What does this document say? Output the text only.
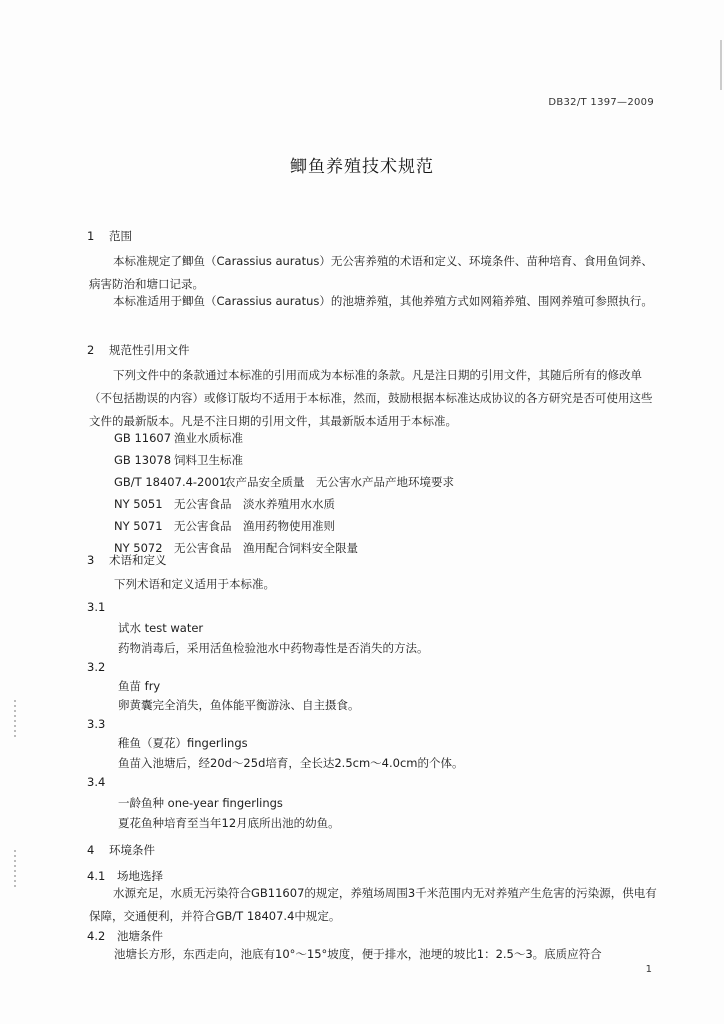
DB32/T 1397—2009
鲫鱼养殖技术规范
1 范围
本标准规定了鲫鱼（Carassius auratus）无公害养殖的术语和定义、环境条件、苗种培育、食用鱼饲养、病害防治和塘口记录。
本标准适用于鲫鱼（Carassius auratus）的池塘养殖，其他养殖方式如网箱养殖、围网养殖可参照执行。
2 规范性引用文件
下列文件中的条款通过本标准的引用而成为本标准的条款。凡是注日期的引用文件，其随后所有的修改单（不包括勘误的内容）或修订版均不适用于本标准，然而，鼓励根据本标准达成协议的各方研究是否可使用这些文件的最新版本。凡是不注日期的引用文件，其最新版本适用于本标准。
GB 11607 渔业水质标准
GB 13078 饲料卫生标准
GB/T 18407.4-2001农产品安全质量　无公害水产品产地环境要求
NY 5051 无公害食品　淡水养殖用水水质
NY 5071 无公害食品　渔用药物使用准则
NY 5072 无公害食品　渔用配合饲料安全限量
3 术语和定义
下列术语和定义适用于本标准。
3.1
试水 test water
药物消毒后，采用活鱼检验池水中药物毒性是否消失的方法。
3.2
鱼苗 fry
卵黄囊完全消失，鱼体能平衡游泳、自主摄食。
3.3
稚鱼（夏花）fingerlings
鱼苗入池塘后，经20d～25d培育，全长达2.5cm～4.0cm的个体。
3.4
一龄鱼种 one-year fingerlings
夏花鱼种培育至当年12月底所出池的幼鱼。
4 环境条件
4.1 场地选择
水源充足，水质无污染符合GB11607的规定，养殖场周围3千米范围内无对养殖产生危害的污染源，供电有保障，交通便利，并符合GB/T 18407.4中规定。
4.2 池塘条件
池塘长方形，东西走向，池底有10°～15°坡度，便于排水，池埂的坡比1：2.5～3。底质应符合
1
